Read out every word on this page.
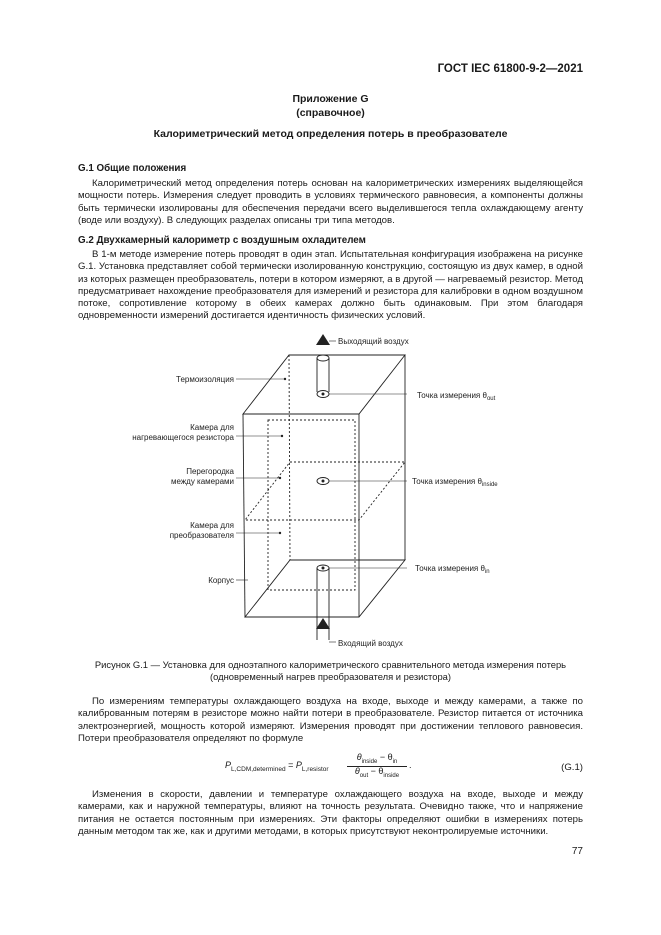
ГОСТ IEC 61800-9-2—2021
Приложение G
(справочное)
Калориметрический метод определения потерь в преобразователе
G.1 Общие положения
Калориметрический метод определения потерь основан на калориметрических измерениях выделяющейся мощности потерь. Измерения следует проводить в условиях термического равновесия, а компоненты должны быть термически изолированы для обеспечения передачи всего выделившегося тепла охлаждающему агенту (воде или воздуху). В следующих разделах описаны три типа методов.
G.2 Двухкамерный калориметр с воздушным охладителем
В 1-м методе измерение потерь проводят в один этап. Испытательная конфигурация изображена на рисунке G.1. Установка представляет собой термически изолированную конструкцию, состоящую из двух камер, в одной из которых размещен преобразователь, потери в котором измеряют, а в другой — нагреваемый резистор. Метод предусматривает нахождение преобразователя для измерений и резистора для калибровки в одном воздушном потоке, сопротивление которому в обеих камерах должно быть одинаковым. При этом благодаря одновременности измерений достигается идентичность физических условий.
Выходящий воздух
Входящий воздух
Термоизоляция
Камера для
нагревающегося резистора
Перегородка
между камерами
Камера для
преобразователя
Корпус
Точка измерения $\theta_{out}$
Точка измерения $\theta_{inside}$
Точка измерения $\theta_{in}$
Рисунок G.1 — Установка для одноэтапного калориметрического сравнительного метода измерения потерь
(одновременный нагрев преобразователя и резистора)
По измерениям температуры охлаждающего воздуха на входе, выходе и между камерами, а также по калиброванным потерям в резисторе можно найти потери в преобразователе. Резистор питается от источника электроэнергией, мощность которой измеряют. Измерения проводят при достижении теплового равновесия. Потери преобразователя определяют по формуле
$P_{L,CDM,determined} = P_{L,resistor}$
$\theta_{inside} - \theta_{in}$
$\theta_{out} - \theta_{inside}$
.	(G.1)
Изменения в скорости, давлении и температуре охлаждающего воздуха на входе, выходе и между камерами, как и наружной температуры, влияют на точность результата. Очевидно также, что и напряжение питания не остается постоянным при измерениях. Эти факторы определяют ошибки в измерениях потерь данным методом так же, как и другими методами, в которых присутствуют неконтролируемые источники.
77
